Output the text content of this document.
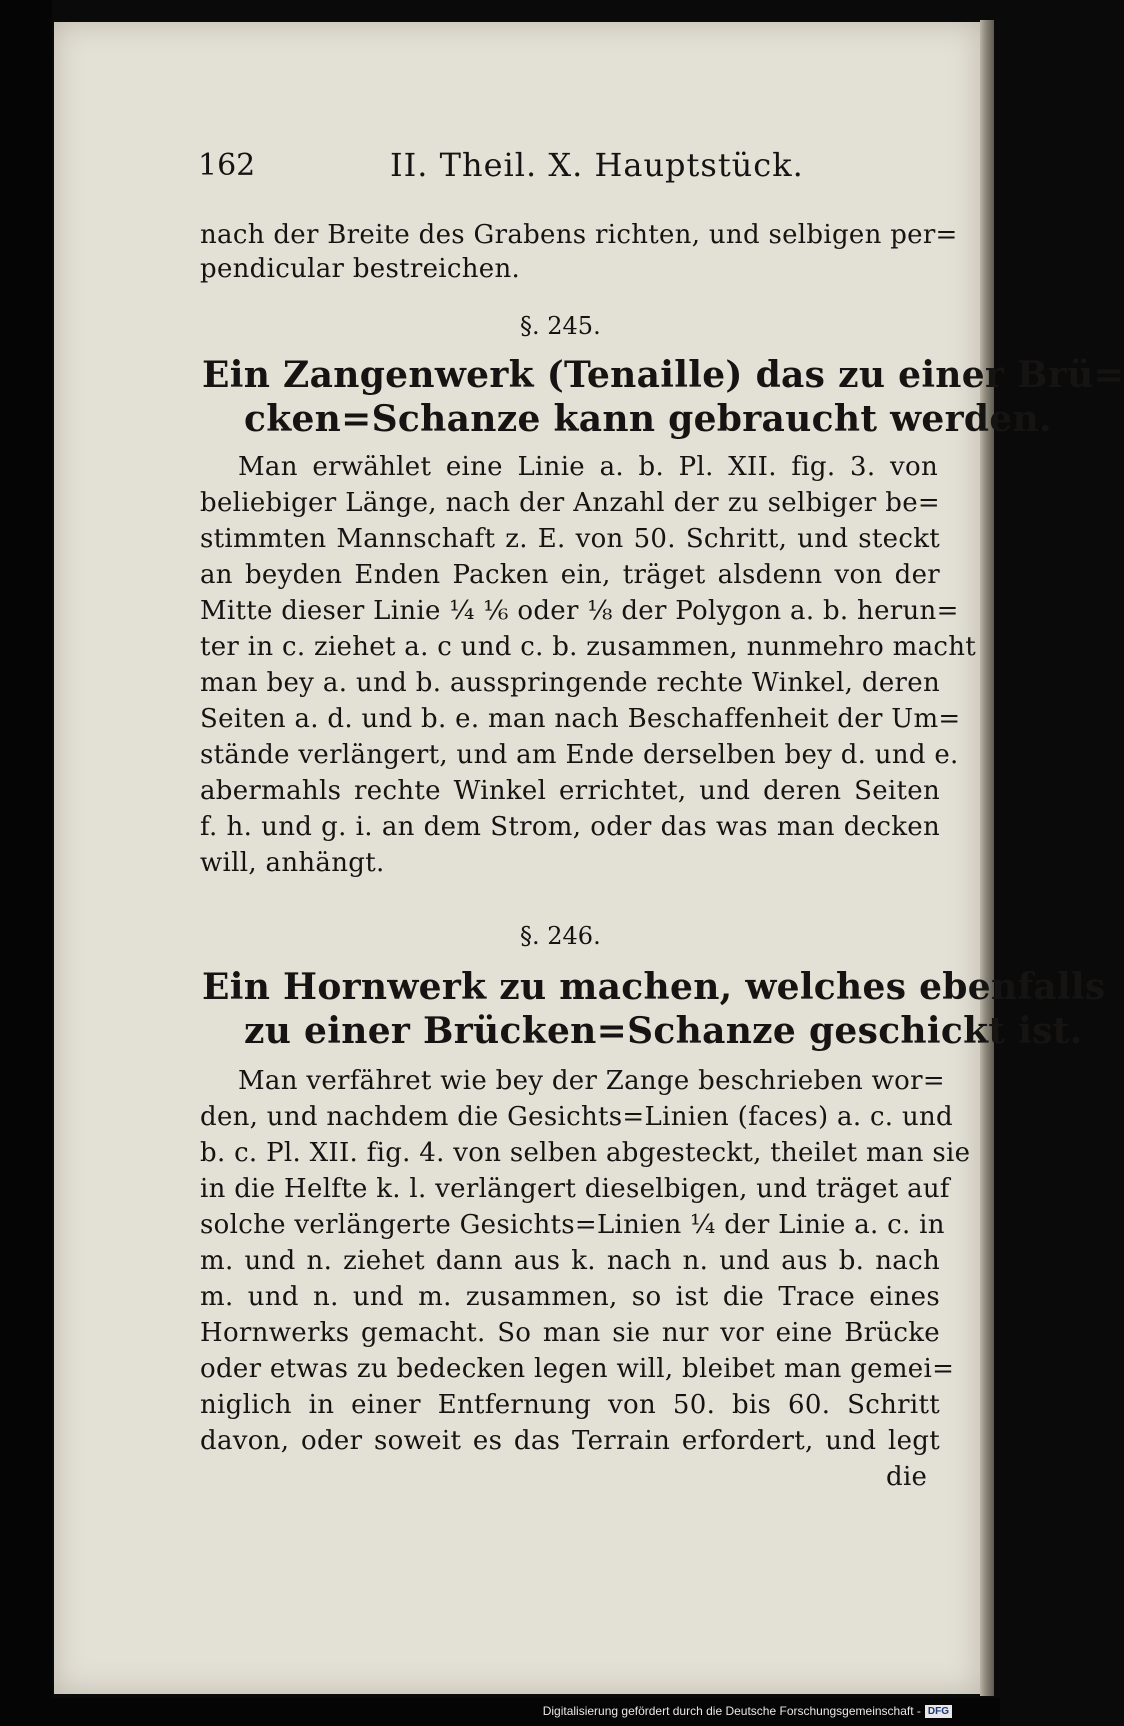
162	II. Theil. X. Hauptstück.
nach der Breite des Grabens richten, und selbigen per=
pendicular bestreichen.
§. 245.
Ein Zangenwerk (Tenaille) das zu einer Brü=
cken=Schanze kann gebraucht werden.
Man erwählet eine Linie a. b. Pl. XII. fig. 3. von
beliebiger Länge, nach der Anzahl der zu selbiger be=
stimmten Mannschaft z. E. von 50. Schritt, und steckt
an beyden Enden Packen ein, träget alsdenn von der
Mitte dieser Linie ¼ ⅙ oder ⅛ der Polygon a. b. herun=
ter in c. ziehet a. c und c. b. zusammen, nunmehro macht
man bey a. und b. ausspringende rechte Winkel, deren
Seiten a. d. und b. e. man nach Beschaffenheit der Um=
stände verlängert, und am Ende derselben bey d. und e.
abermahls rechte Winkel errichtet, und deren Seiten
f. h. und g. i. an dem Strom, oder das was man decken
will, anhängt.
§. 246.
Ein Hornwerk zu machen, welches ebenfalls
zu einer Brücken=Schanze geschickt ist.
Man verfähret wie bey der Zange beschrieben wor=
den, und nachdem die Gesichts=Linien (faces) a. c. und
b. c. Pl. XII. fig. 4. von selben abgesteckt, theilet man sie
in die Helfte k. l. verlängert dieselbigen, und träget auf
solche verlängerte Gesichts=Linien ¼ der Linie a. c. in
m. und n. ziehet dann aus k. nach n. und aus b. nach
m. und n. und m. zusammen, so ist die Trace eines
Hornwerks gemacht. So man sie nur vor eine Brücke
oder etwas zu bedecken legen will, bleibet man gemei=
niglich in einer Entfernung von 50. bis 60. Schritt
davon, oder soweit es das Terrain erfordert, und legt
die
Digitalisierung gefördert durch die Deutsche Forschungsgemeinschaft - DFG
